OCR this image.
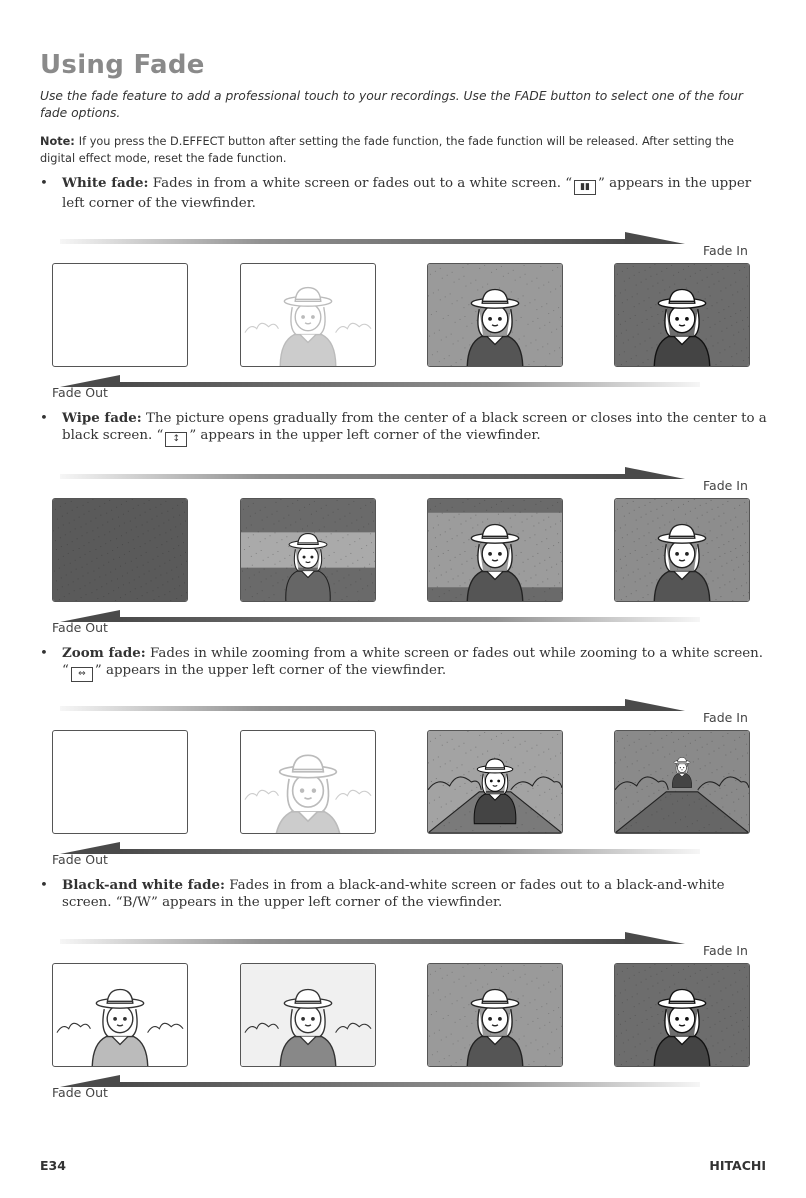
Using Fade
Use the fade feature to add a professional touch to your recordings. Use the FADE button to select one of the four fade options.
Note: If you press the D.EFFECT button after setting the fade function, the fade function will be released. After setting the digital effect mode, reset the fade function.
• White fade: Fades in from a white screen or fades out to a white screen. “ ▮▮ ” appears in the upper left corner of the viewfinder.
• Wipe fade: The picture opens gradually from the center of a black screen or closes into the center to a black screen. “ ↕ ” appears in the upper left corner of the viewfinder.
• Zoom fade: Fades in while zooming from a white screen or fades out while zooming to a white screen. “ ⇔ ” appears in the upper left corner of the viewfinder.
• Black-and white fade: Fades in from a black-and-white screen or fades out to a black-and-white screen. “B/W” appears in the upper left corner of the viewfinder.
Fade In
Fade Out
Fade In
Fade Out
Fade In
Fade Out
Fade In
Fade Out
E34	HITACHI
